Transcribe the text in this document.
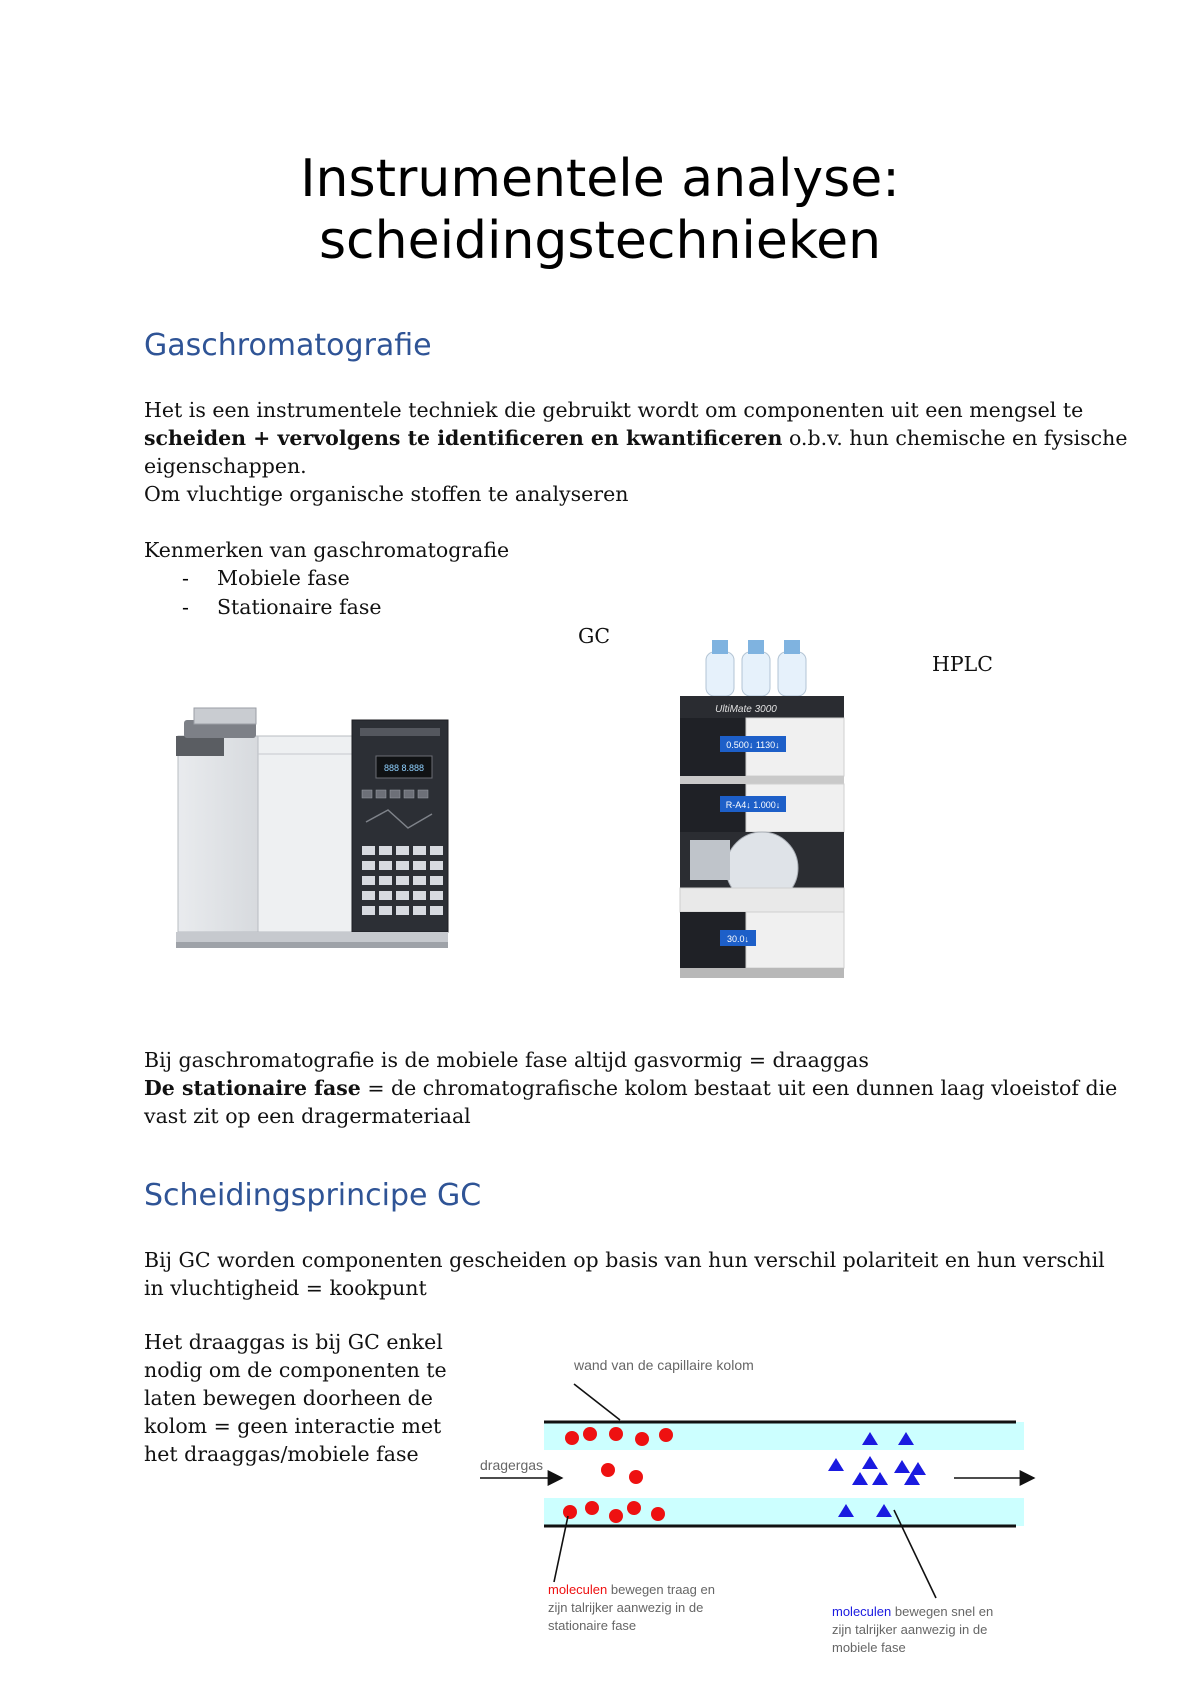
Instrumentele analyse:
scheidingstechnieken
Gaschromatografie

Het is een instrumentele techniek die gebruikt wordt om componenten uit een mengsel te

scheiden + vervolgens te identificeren en kwantificeren o.b.v. hun chemische en fysische

eigenschappen.

Om vluchtige organische stoffen te analyseren

Kenmerken van gaschromatografie

- Mobiele fase
- Stationaire fase
GC
HPLC
888 8.888
UltiMate 3000
0.500↓ 1130↓
R-A4↓ 1.000↓
30.0↓

Bij gaschromatografie is de mobiele fase altijd gasvormig = draaggas

De stationaire fase = de chromatografische kolom bestaat uit een dunnen laag vloeistof die

vast zit op een dragermateriaal

Scheidingsprincipe GC

Bij GC worden componenten gescheiden op basis van hun verschil polariteit en hun verschil

in vluchtigheid = kookpunt

Het draaggas is bij GC enkel

nodig om de componenten te

laten bewegen doorheen de

kolom = geen interactie met

het draaggas/mobiele fase

wand van de capillaire kolom
dragergas
moleculen bewegen traag en
zijn talrijker aanwezig in de
stationaire fase
moleculen bewegen snel en
zijn talrijker aanwezig in de
mobiele fase
